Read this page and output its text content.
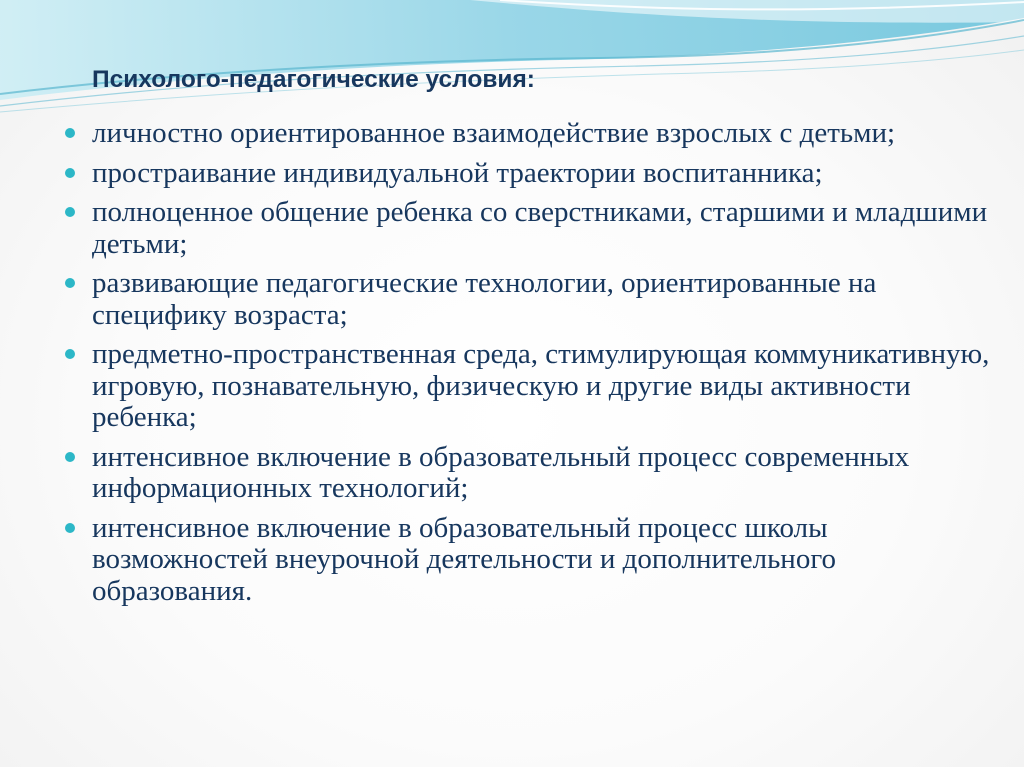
Психолого-педагогические условия:
личностно ориентированное взаимодействие взрослых с детьми;
простраивание индивидуальной траектории воспитанника;
полноценное общение ребенка со сверстниками, старшими и младшими детьми;
развивающие педагогические технологии, ориентированные на специфику возраста;
предметно-пространственная среда, стимулирующая коммуникативную, игровую, познавательную, физическую и другие виды активности ребенка;
интенсивное включение в образовательный процесс современных информационных технологий;
интенсивное включение в образовательный процесс школы возможностей внеурочной деятельности и дополнительного образования.
